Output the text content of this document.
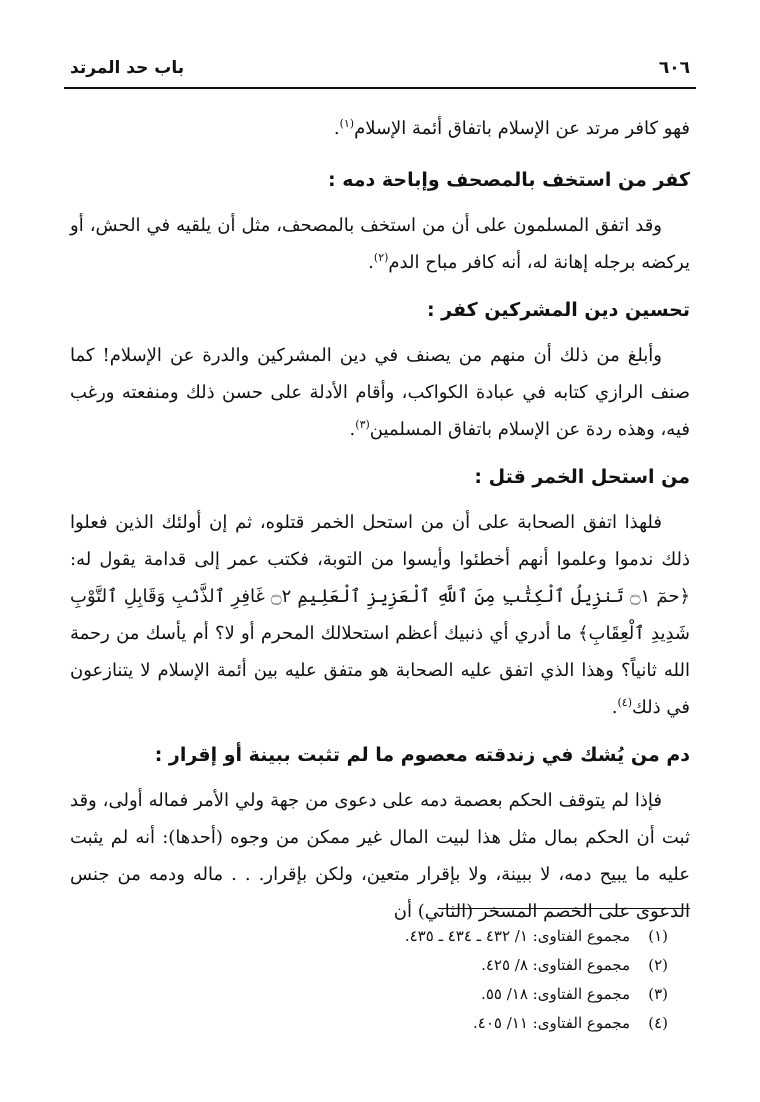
٦٠٦
باب حد المرتد

فهو كافر مرتد عن الإسلام باتفاق أئمة الإسلام$^{(١)}$.

كفر من استخف بالمصحف وإباحة دمه :

وقد اتفق المسلمون على أن من استخف بالمصحف، مثل أن يلقيه في الحش، أو يركضه برجله إهانة له، أنه كافر مباح الدم$^{(٢)}$.

تحسين دين المشركين كفر :

وأبلغ من ذلك أن منهم من يصنف في دين المشركين والدرة عن الإسلام! كما صنف الرازي كتابه في عبادة الكواكب، وأقام الأدلة على حسن ذلك ومنفعته ورغب فيه، وهذه ردة عن الإسلام باتفاق المسلمين$^{(٣)}$.

من استحل الخمر قتل :

فلهذا اتفق الصحابة على أن من استحل الخمر قتلوه، ثم إن أولئك الذين فعلوا ذلك ندموا وعلموا أنهم أخطئوا وأيسوا من التوبة، فكتب عمر إلى قدامة يقول له: ﴿حمٓ ۝١ تَنزِيلُ ٱلْكِتَٰبِ مِنَ ٱللَّهِ ٱلْعَزِيزِ ٱلْعَلِيمِ ۝٢ غَافِرِ ٱلذَّنۢبِ وَقَابِلِ ٱلتَّوْبِ شَدِيدِ ٱلْعِقَابِ﴾ ما أدري أي ذنبيك أعظم استحلالك المحرم أو لا؟ أم يأسك من رحمة الله ثانياً؟ وهذا الذي اتفق عليه الصحابة هو متفق عليه بين أئمة الإسلام لا يتنازعون في ذلك$^{(٤)}$.

دم من يُشك في زندقته معصوم ما لم تثبت ببينة أو إقرار :

فإذا لم يتوقف الحكم بعصمة دمه على دعوى من جهة ولي الأمر فماله أولى، وقد ثبت أن الحكم بمال مثل هذا لبيت المال غير ممكن من وجوه (أحدها): أنه لم يثبت عليه ما يبيح دمه، لا ببينة، ولا بإقرار متعين، ولكن بإقرار. . . ماله ودمه من جنس الدعوى على الخصم المسخر (الثاني) أن

(١)
مجموع الفتاوى: ١/ ٤٣٢ ـ ٤٣٤ ـ ٤٣٥.
(٢)
مجموع الفتاوى: ٨/ ٤٢٥.
(٣)
مجموع الفتاوى: ١٨/ ٥٥.
(٤)
مجموع الفتاوى: ١١/ ٤٠٥.
